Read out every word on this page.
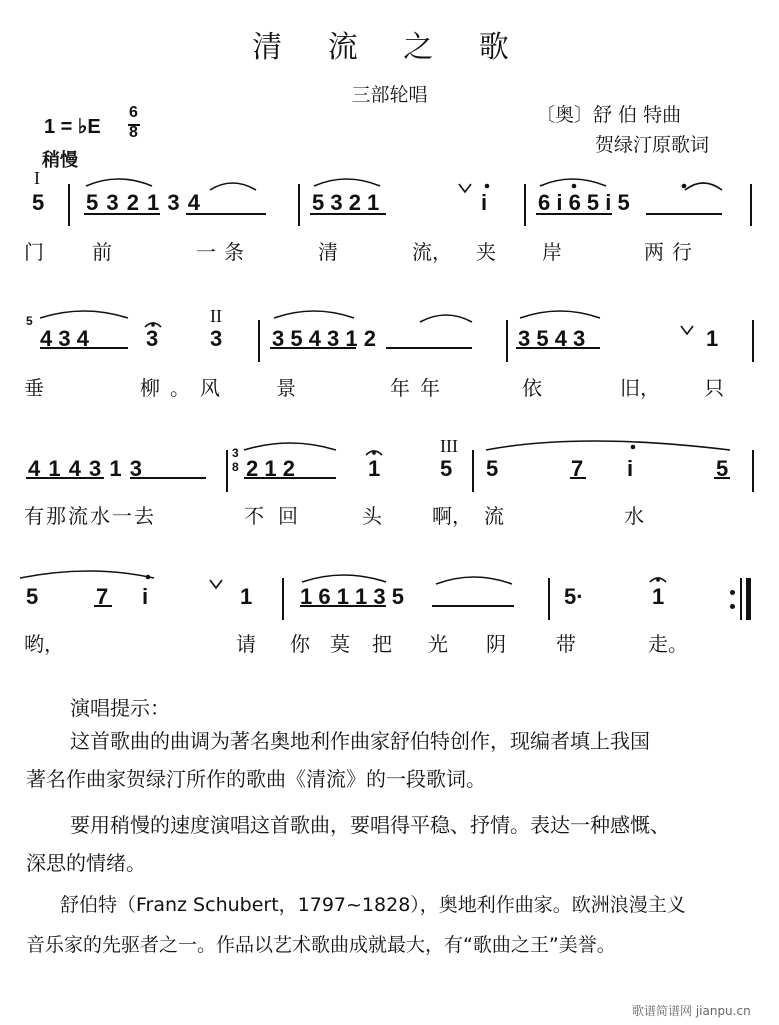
清 流 之 歌
三部轮唱
〔奥〕舒 伯 特曲
贺绿汀原歌词
1 = ♭E
6
8
稍慢
I
5 5 3 2 1 3 4	5 3 2 1	i 6 i 6 5 i 5
门 前	一条	清	流， 夹 岸	两行
5
4 3 4	3
II
3 3 5 4 3 1 2	3 5 4 3	1
垂	柳。风 景	年年	依	旧， 只
4 1 4 3 1 3
3
8 2 1 2	1
III
5 5	7 i	5
有那流水一去	不回	头	啊， 流	水
5	7 i	1 1 6 1 1 3 5	5·	1
哟，	请 你 莫 把 光 阴	带	走。
演唱提示：
这首歌曲的曲调为著名奥地利作曲家舒伯特创作，现编者填上我国
著名作曲家贺绿汀所作的歌曲《清流》的一段歌词。
要用稍慢的速度演唱这首歌曲，要唱得平稳、抒情。表达一种感慨、
深思的情绪。
舒伯特（Franz Schubert，1797~1828），奥地利作曲家。欧洲浪漫主义
音乐家的先驱者之一。作品以艺术歌曲成就最大，有“歌曲之王”美誉。
歌谱简谱网 jianpu.cn
